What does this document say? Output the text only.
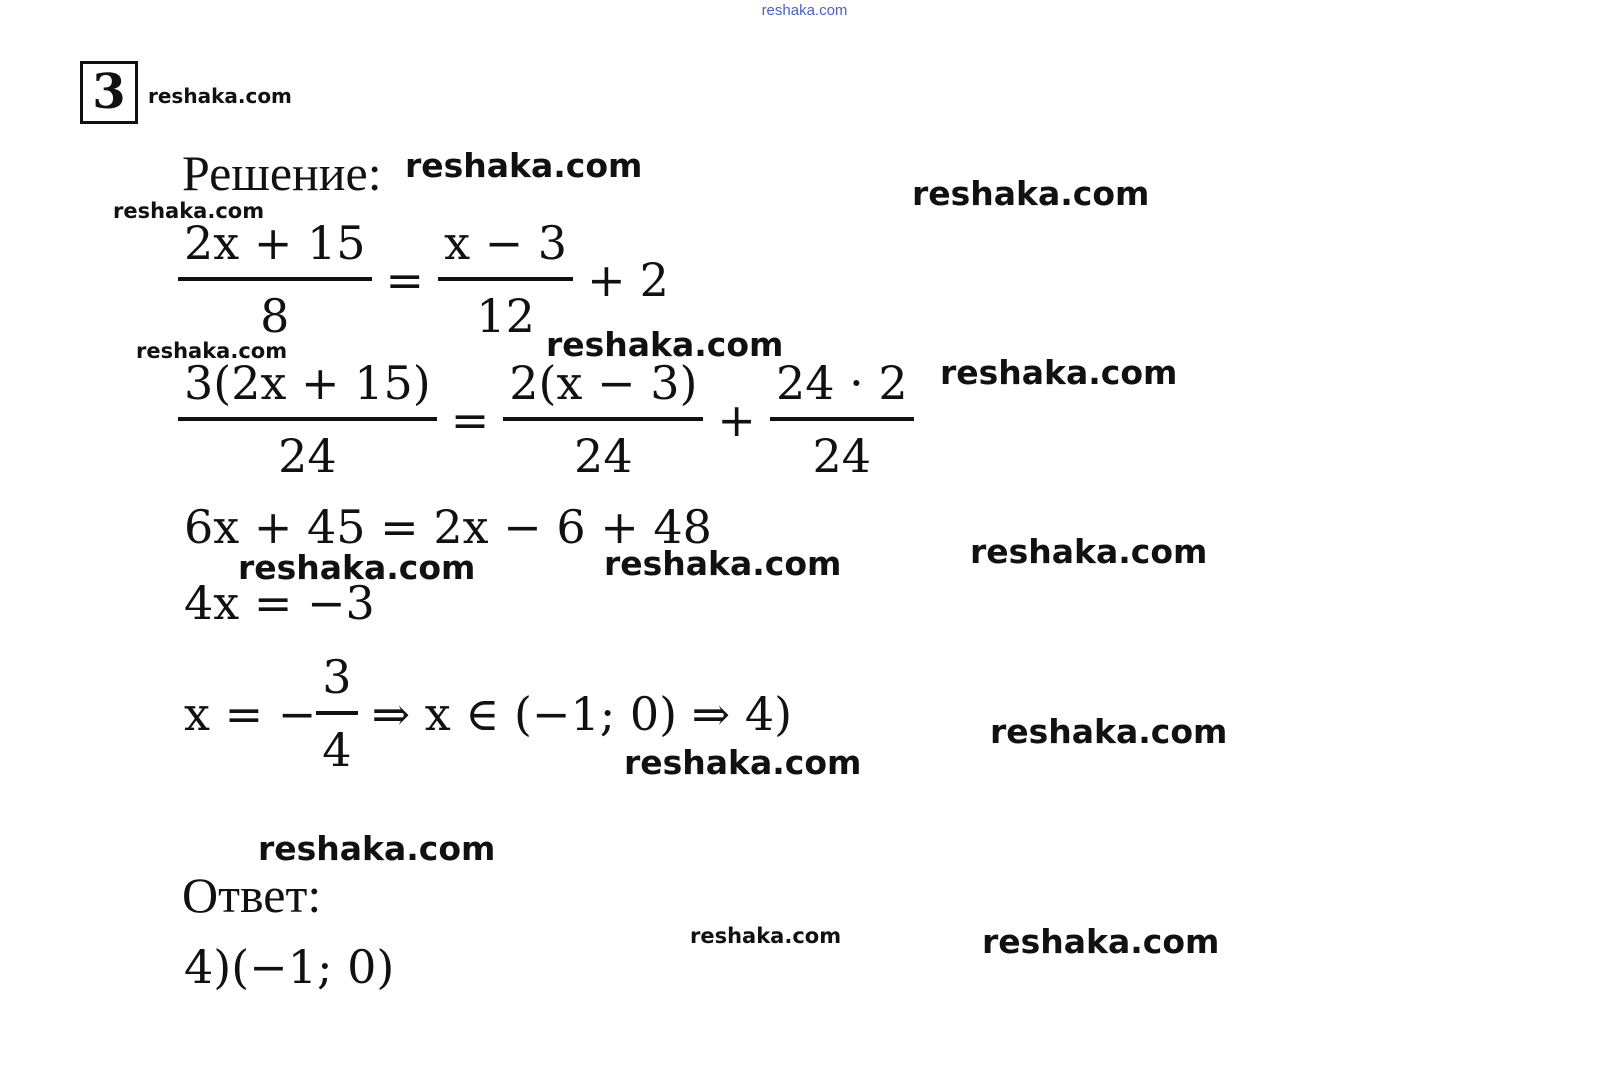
reshaka.com
3	reshaka.com
Решение:
$\frac{2x + 15}{8} = \frac{x - 3}{12} + 2$
$\frac{3(2x + 15)}{24} = \frac{2(x - 3)}{24} + \frac{24 \cdot 2}{24}$
6x + 45 = 2x − 6 + 48
4x = −3
x = − $\frac{3}{4}$ ⇒ x ∈ (−1; 0) ⇒ 4)
Ответ:
4)(−1; 0)
reshaka.com
reshaka.com
reshaka.com
reshaka.com	reshaka.com
reshaka.com
reshaka.com	reshaka.com	reshaka.com
reshaka.com
reshaka.com
reshaka.com
reshaka.com	reshaka.com
